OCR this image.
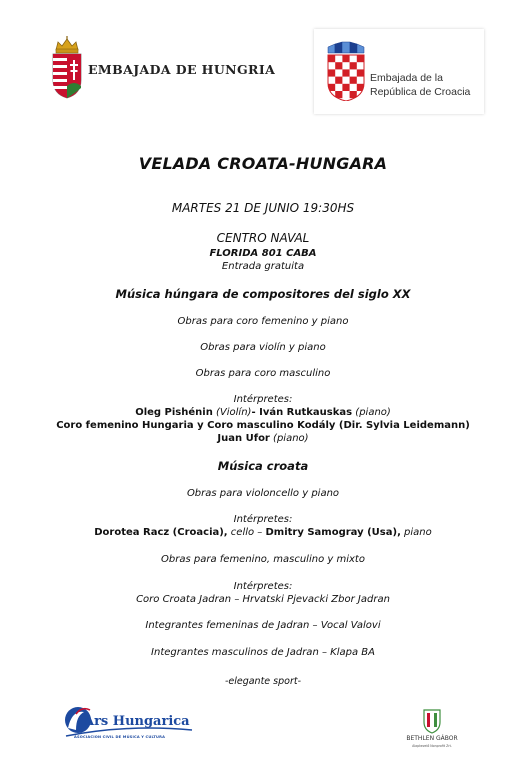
EMBAJADA DE HUNGRIA
Embajada de la
República de Croacia
VELADA CROATA-HUNGARA
MARTES 21 DE JUNIO 19:30HS
CENTRO NAVAL
FLORIDA 801 CABA
Entrada gratuita
Música húngara de compositores del siglo XX
Obras para coro femenino y piano
Obras para violín y piano
Obras para coro masculino
Intérpretes:
Oleg Pishénin (Violín)- Iván Rutkauskas (piano)
Coro femenino Hungaria y Coro masculino Kodály (Dir. Sylvia Leidemann)
Juan Ufor (piano)
Música croata
Obras para violoncello y piano
Intérpretes:
Dorotea Racz (Croacia), cello – Dmitry Samogray (Usa), piano
Obras para femenino, masculino y mixto
Intérpretes:
Coro Croata Jadran – Hrvatski Pjevacki Zbor Jadran
Integrantes femeninas de Jadran – Vocal Valovi
Integrantes masculinos de Jadran – Klapa BA
-elegante sport-
Ars Hungarica
ASOCIACION CIVIL DE MÚSICA Y CULTURA	BETHLEN GÁBOR
Alapkezelő Nonprofit Zrt.
